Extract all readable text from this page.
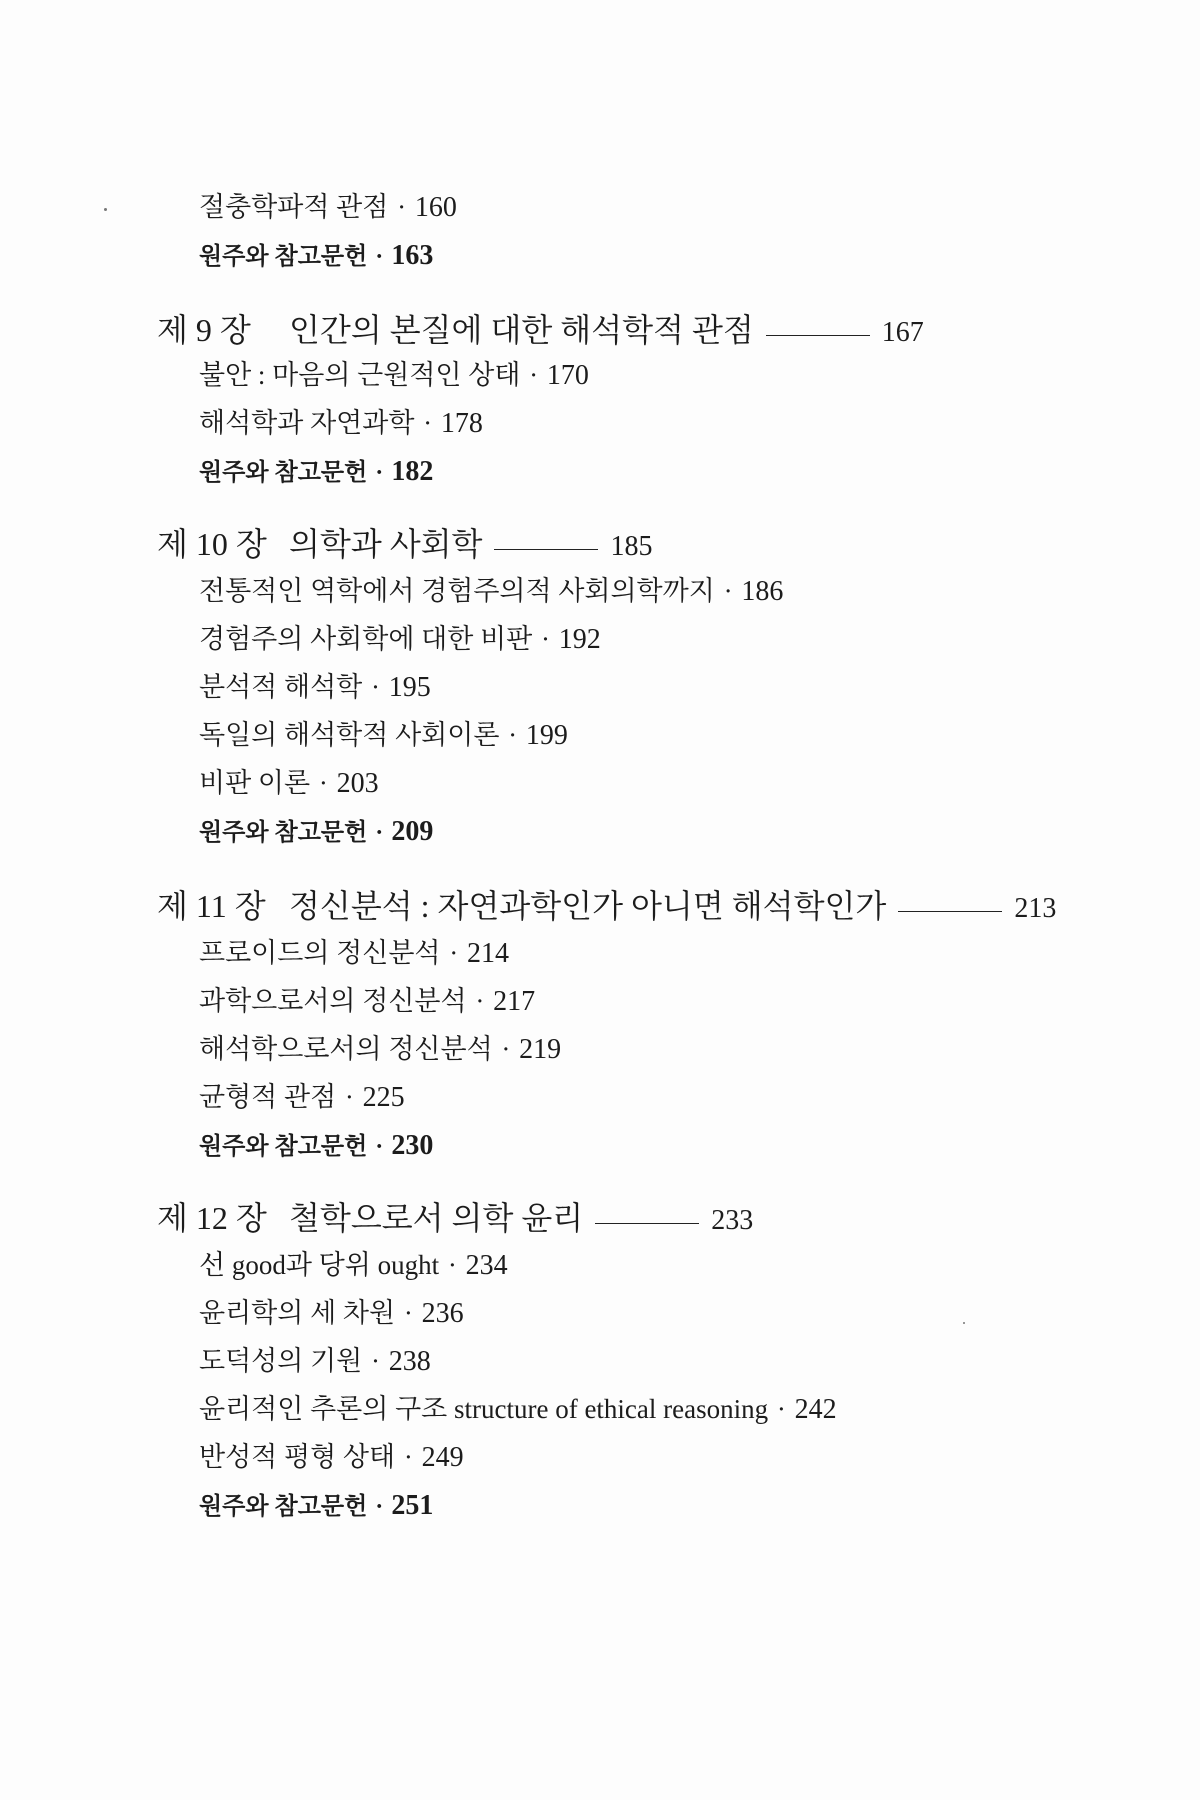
절충학파적 관점 · 160
원주와 참고문헌 · 163
제 9 장 인간의 본질에 대한 해석학적 관점	167
불안 : 마음의 근원적인 상태 · 170
해석학과 자연과학 · 178
원주와 참고문헌 · 182
제 10 장 의학과 사회학	185
전통적인 역학에서 경험주의적 사회의학까지 · 186
경험주의 사회학에 대한 비판 · 192
분석적 해석학 · 195
독일의 해석학적 사회이론 · 199
비판 이론 · 203
원주와 참고문헌 · 209
제 11 장 정신분석 : 자연과학인가 아니면 해석학인가	213
프로이드의 정신분석 · 214
과학으로서의 정신분석 · 217
해석학으로서의 정신분석 · 219
균형적 관점 · 225
원주와 참고문헌 · 230
제 12 장 철학으로서 의학 윤리	233
선 good과 당위 ought · 234
윤리학의 세 차원 · 236
도덕성의 기원 · 238
윤리적인 추론의 구조 structure of ethical reasoning · 242
반성적 평형 상태 · 249
원주와 참고문헌 · 251
